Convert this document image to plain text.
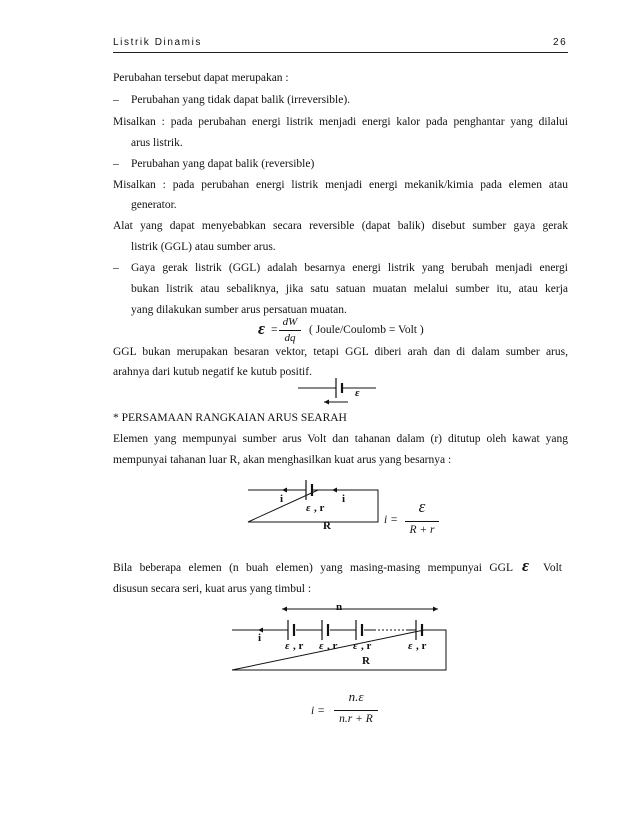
Listrik Dinamis	26
Perubahan tersebut dapat merupakan :
– Perubahan yang tidak dapat balik (irreversible).
Misalkan : pada perubahan energi listrik menjadi energi kalor pada penghantar yang dilalui
arus listrik.
– Perubahan yang dapat balik (reversible)
Misalkan : pada perubahan energi listrik menjadi energi mekanik/kimia pada elemen atau
generator.
Alat yang dapat menyebabkan secara reversible (dapat balik) disebut sumber gaya gerak
listrik (GGL) atau sumber arus.
– Gaya gerak listrik (GGL) adalah besarnya energi listrik yang berubah menjadi energi
bukan listrik atau sebaliknya, jika satu satuan muatan melalui sumber itu, atau kerja
yang dilakukan sumber arus persatuan muatan.
ε =
dW
dq
( Joule/Coulomb = Volt )
GGL bukan merupakan besaran vektor, tetapi GGL diberi arah dan di dalam sumber arus,
arahnya dari kutub negatif ke kutub positif.
ε
* PERSAMAAN RANGKAIAN ARUS SEARAH
Elemen yang mempunyai sumber arus Volt dan tahanan dalam (r) ditutup oleh kawat yang
mempunyai tahanan luar R, akan menghasilkan kuat arus yang besarnya :
i	i
ε , r
R	i =
ε
R + r
Bila beberapa elemen (n buah elemen) yang masing-masing mempunyai GGL ε Volt
disusun secara seri, kuat arus yang timbul :
n
i
ε , r ε , r ε , r	ε , r
R
i =
n.ε
n.r + R
